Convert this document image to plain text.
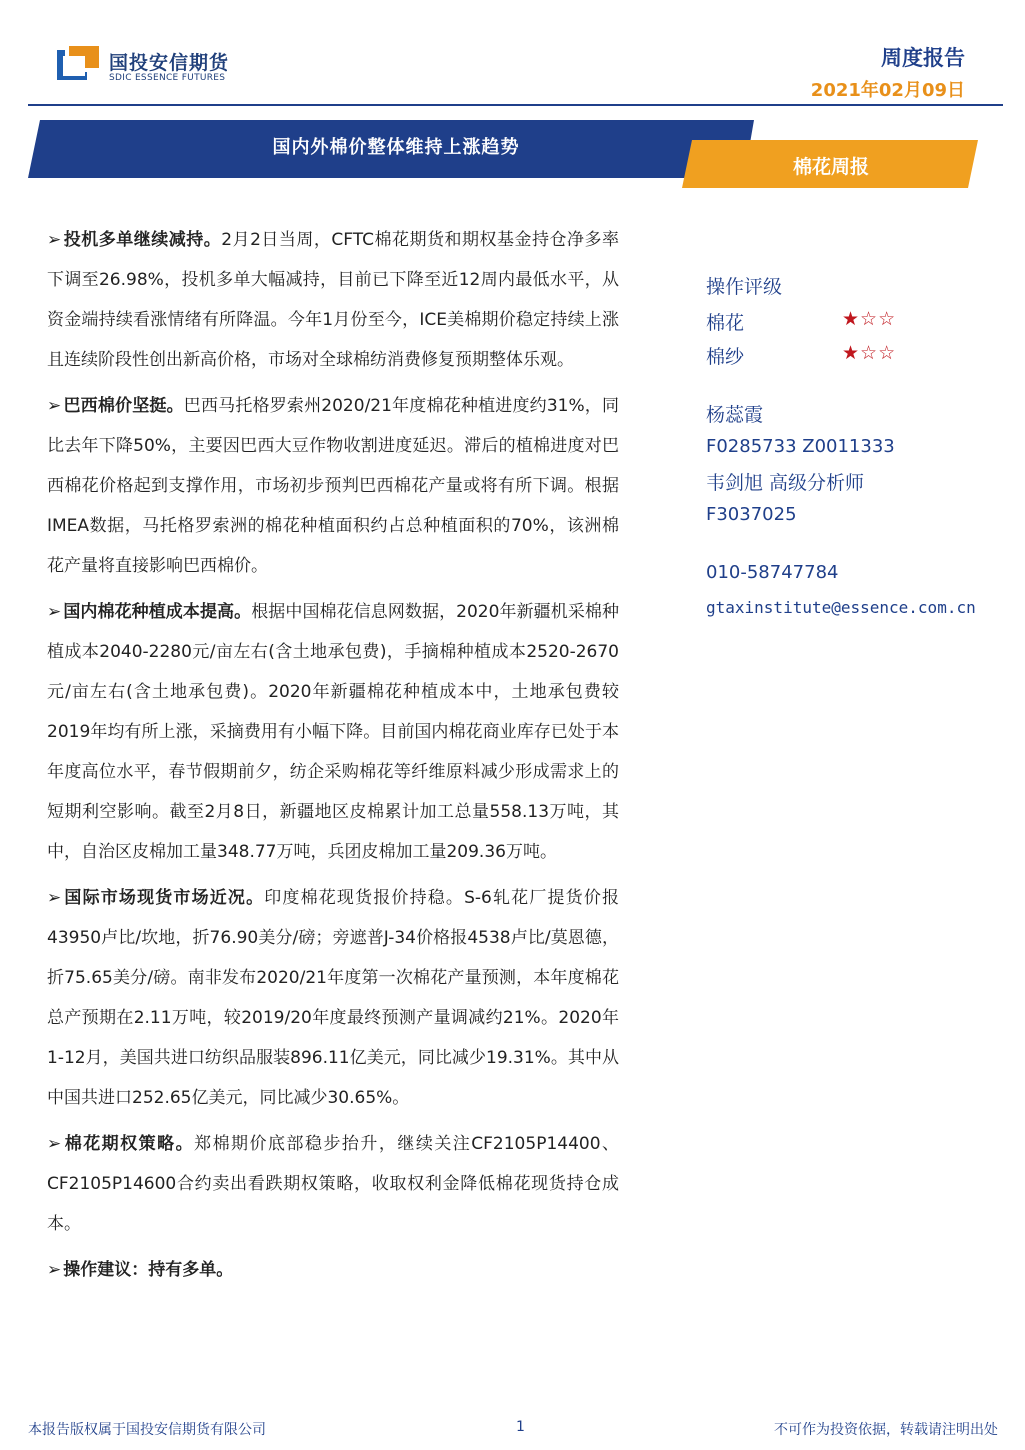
国投安信期货
SDIC ESSENCE FUTURES
周度报告
2021年02月09日
国内外棉价整体维持上涨趋势
棉花周报

➢ 投机多单继续减持。2月2日当周，CFTC棉花期货和期权基金持仓净多率下调至26.98%，投机多单大幅减持，目前已下降至近12周内最低水平，从资金端持续看涨情绪有所降温。今年1月份至今，ICE美棉期价稳定持续上涨且连续阶段性创出新高价格，市场对全球棉纺消费修复预期整体乐观。

➢ 巴西棉价坚挺。巴西马托格罗索州2020/21年度棉花种植进度约31%，同比去年下降50%，主要因巴西大豆作物收割进度延迟。滞后的植棉进度对巴西棉花价格起到支撑作用，市场初步预判巴西棉花产量或将有所下调。根据IMEA数据，马托格罗索洲的棉花种植面积约占总种植面积的70%，该洲棉花产量将直接影响巴西棉价。

➢ 国内棉花种植成本提高。根据中国棉花信息网数据，2020年新疆机采棉种植成本2040-2280元/亩左右(含土地承包费)，手摘棉种植成本2520-2670元/亩左右(含土地承包费)。2020年新疆棉花种植成本中，土地承包费较2019年均有所上涨，采摘费用有小幅下降。目前国内棉花商业库存已处于本年度高位水平，春节假期前夕，纺企采购棉花等纤维原料减少形成需求上的短期利空影响。截至2月8日，新疆地区皮棉累计加工总量558.13万吨，其中，自治区皮棉加工量348.77万吨，兵团皮棉加工量209.36万吨。

➢ 国际市场现货市场近况。印度棉花现货报价持稳。S-6轧花厂提货价报43950卢比/坎地，折76.90美分/磅；旁遮普J-34价格报4538卢比/莫恩德，折75.65美分/磅。南非发布2020/21年度第一次棉花产量预测，本年度棉花总产预期在2.11万吨，较2019/20年度最终预测产量调减约21%。2020年1-12月，美国共进口纺织品服装896.11亿美元，同比减少19.31%。其中从中国共进口252.65亿美元，同比减少30.65%。

➢ 棉花期权策略。郑棉期价底部稳步抬升，继续关注CF2105P14400、CF2105P14600合约卖出看跌期权策略，收取权利金降低棉花现货持仓成本。

➢ 操作建议：持有多单。

操作评级
棉花	★☆☆
棉纱	★☆☆
杨蕊霞
F0285733 Z0011333
韦剑旭 高级分析师
F3037025
010-58747784
gtaxinstitute@essence.com.cn
本报告版权属于国投安信期货有限公司	1	不可作为投资依据，转载请注明出处
